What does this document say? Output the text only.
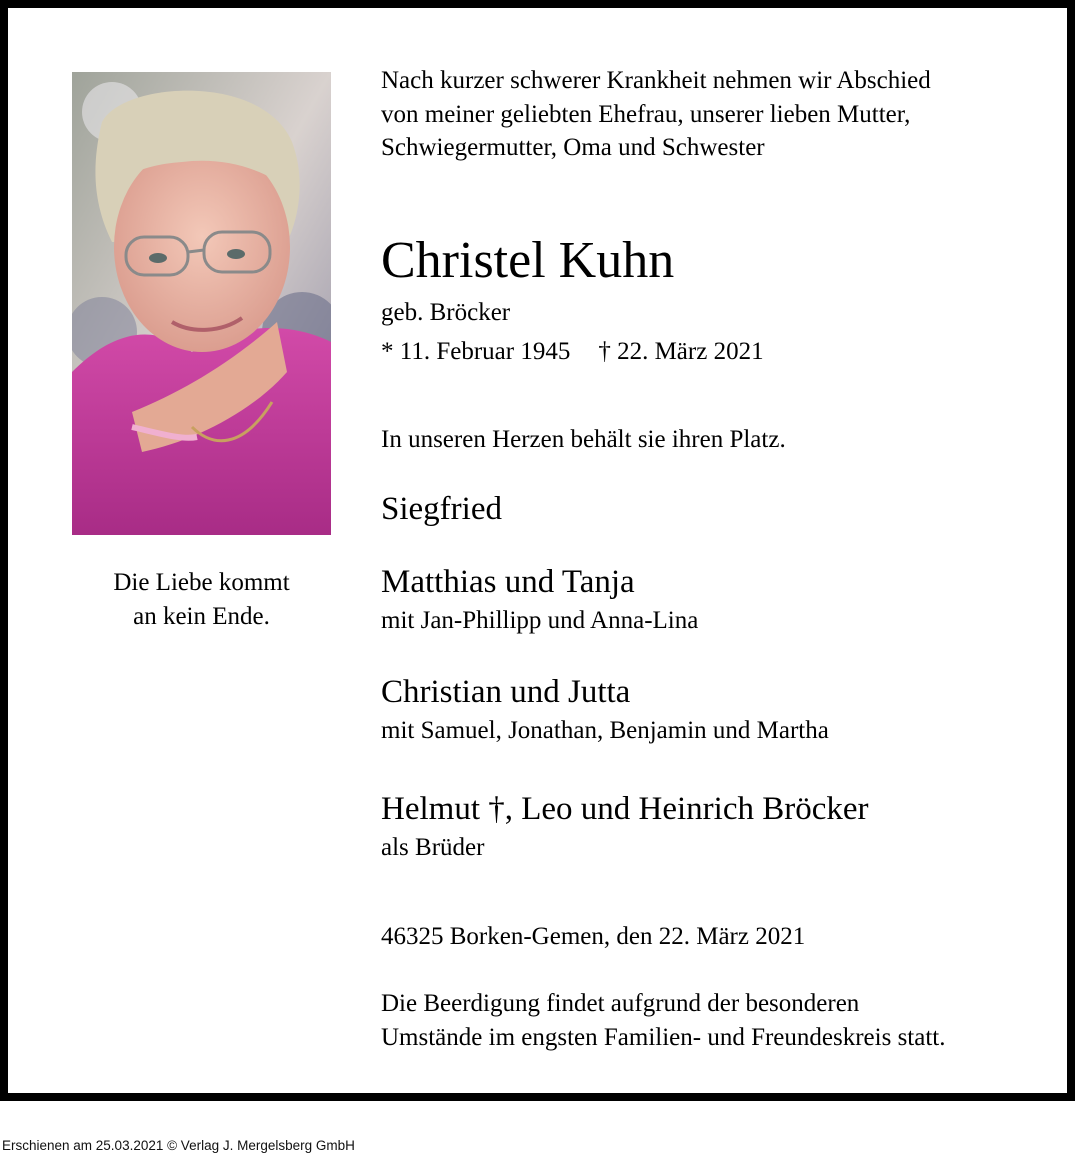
Die Liebe kommt
an kein Ende.
Nach kurzer schwerer Krankheit nehmen wir Abschied
von meiner geliebten Ehefrau, unserer lieben Mutter,
Schwiegermutter, Oma und Schwester
Christel Kuhn
geb. Bröcker
* 11. Februar 1945 † 22. März 2021
In unseren Herzen behält sie ihren Platz.
Siegfried
Matthias und Tanja
mit Jan-Phillipp und Anna-Lina
Christian und Jutta
mit Samuel, Jonathan, Benjamin und Martha
Helmut †, Leo und Heinrich Bröcker
als Brüder
46325 Borken-Gemen, den 22. März 2021
Die Beerdigung findet aufgrund der besonderen
Umstände im engsten Familien- und Freundeskreis statt.
Erschienen am 25.03.2021 © Verlag J. Mergelsberg GmbH
